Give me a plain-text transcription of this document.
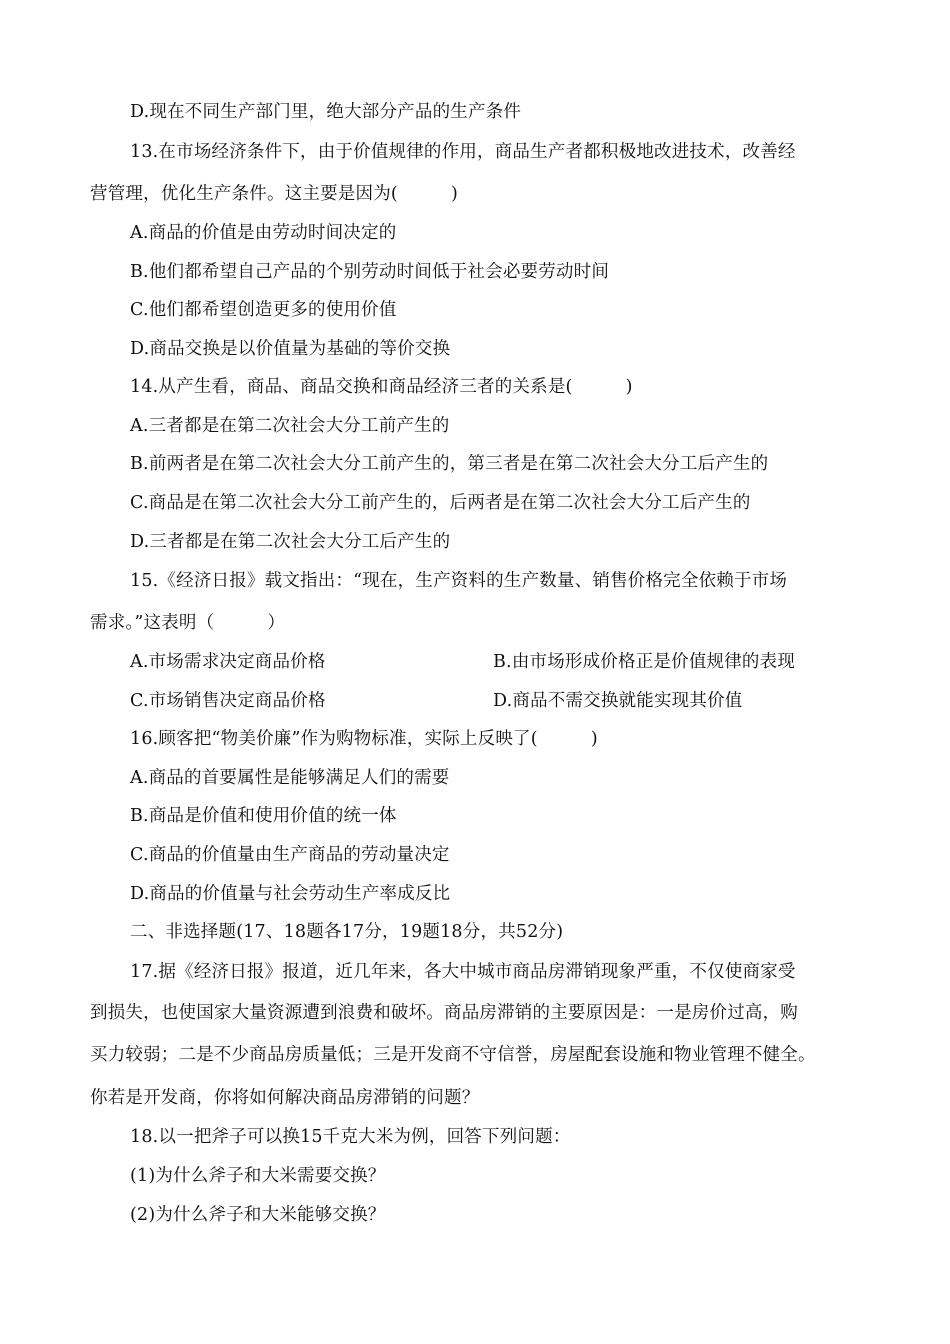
D.现在不同生产部门里，绝大部分产品的生产条件
13.在市场经济条件下，由于价值规律的作用，商品生产者都积极地改进技术，改善经
营管理，优化生产条件。这主要是因为(　　　)
A.商品的价值是由劳动时间决定的
B.他们都希望自己产品的个别劳动时间低于社会必要劳动时间
C.他们都希望创造更多的使用价值
D.商品交换是以价值量为基础的等价交换
14.从产生看，商品、商品交换和商品经济三者的关系是(　　　)
A.三者都是在第二次社会大分工前产生的
B.前两者是在第二次社会大分工前产生的，第三者是在第二次社会大分工后产生的
C.商品是在第二次社会大分工前产生的，后两者是在第二次社会大分工后产生的
D.三者都是在第二次社会大分工后产生的
15.《经济日报》载文指出：“现在，生产资料的生产数量、销售价格完全依赖于市场
需求。”这表明（　　　）
A.市场需求决定商品价格	B.由市场形成价格正是价值规律的表现
C.市场销售决定商品价格	D.商品不需交换就能实现其价值
16.顾客把“物美价廉”作为购物标准，实际上反映了(　　　)
A.商品的首要属性是能够满足人们的需要
B.商品是价值和使用价值的统一体
C.商品的价值量由生产商品的劳动量决定
D.商品的价值量与社会劳动生产率成反比
二、非选择题(17、18题各17分，19题18分，共52分)
17.据《经济日报》报道，近几年来，各大中城市商品房滞销现象严重，不仅使商家受
到损失，也使国家大量资源遭到浪费和破坏。商品房滞销的主要原因是：一是房价过高，购
买力较弱；二是不少商品房质量低；三是开发商不守信誉，房屋配套设施和物业管理不健全。
你若是开发商，你将如何解决商品房滞销的问题？
18.以一把斧子可以换15千克大米为例，回答下列问题：
(1)为什么斧子和大米需要交换？
(2)为什么斧子和大米能够交换？
